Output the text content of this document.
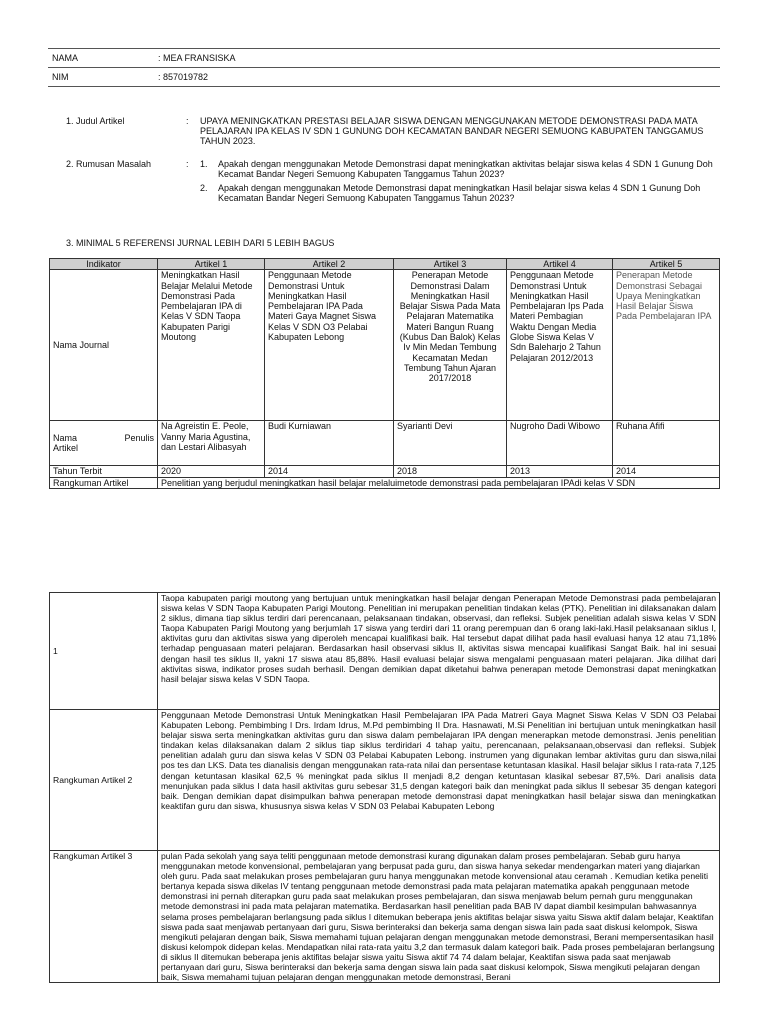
NAMA	: MEA FRANSISKA
NIM	: 857019782
1. Judul Artikel	: UPAYA MENINGKATKAN PRESTASI BELAJAR SISWA DENGAN MENGGUNAKAN METODE DEMONSTRASI PADA MATA PELAJARAN IPA KELAS IV SDN 1 GUNUNG DOH KECAMATAN BANDAR NEGERI SEMUONG KABUPATEN TANGGAMUS TAHUN 2023.
2. Rumusan Masalah	: 1. Apakah dengan menggunakan Metode Demonstrasi dapat meningkatkan aktivitas belajar siswa kelas 4 SDN 1 Gunung Doh Kecamat Bandar Negeri Semuong Kabupaten Tanggamus Tahun 2023?
2. Apakah dengan menggunakan Metode Demonstrasi dapat meningkatkan Hasil belajar siswa kelas 4 SDN 1 Gunung Doh Kecamatan Bandar Negeri Semuong Kabupaten Tanggamus Tahun 2023?
3. MINIMAL 5 REFERENSI JURNAL LEBIH DARI 5 LEBIH BAGUS
Indikator	Artikel 1	Artikel 2	Artikel 3	Artikel 4	Artikel 5
Nama Journal	Meningkatkan Hasil Belajar Melalui Metode Demonstrasi Pada Pembelajaran IPA di Kelas V SDN Taopa Kabupaten Parigi Moutong	Penggunaan Metode Demonstrasi Untuk Meningkatkan Hasil Pembelajaran IPA Pada Materi Gaya Magnet Siswa Kelas V SDN O3 Pelabai Kabupaten Lebong	Penerapan Metode Demonstrasi Dalam Meningkatkan Hasil Belajar Siswa Pada Mata Pelajaran Matematika Materi Bangun Ruang (Kubus Dan Balok) Kelas Iv Min Medan Tembung Kecamatan Medan Tembung Tahun Ajaran 2017/2018	Penggunaan Metode Demonstrasi Untuk Meningkatkan Hasil Pembelajaran Ips Pada Materi Pembagian Waktu Dengan Media Globe Siswa Kelas V Sdn Baleharjo 2 Tahun Pelajaran 2012/2013	Penerapan Metode Demonstrasi Sebagai Upaya Meningkatkan Hasil Belajar Siswa Pada Pembelajaran IPA

Nama Penulis
Artikel	Na Agreistin E. Peole, Vanny Maria Agustina, dan Lestari Alibasyah	Budi Kurniawan	Syarianti Devi	Nugroho Dadi Wibowo	Ruhana Afifi
Tahun Terbit	2020	2014	2018	2013	2014
Rangkuman Artikel	Penelitian yang berjudul meningkatkan hasil belajar melaluimetode demonstrasi pada pembelajaran IPAdi kelas V SDN				
1	Taopa kabupaten parigi moutong yang bertujuan untuk meningkatkan hasil belajar dengan Penerapan Metode Demonstrasi pada pembelajaran siswa kelas V SDN Taopa Kabupaten Parigi Moutong. Penelitian ini merupakan penelitian tindakan kelas (PTK). Penelitian ini dilaksanakan dalam 2 siklus, dimana tiap siklus terdiri dari perencanaan, pelaksanaan tindakan, observasi, dan refleksi. Subjek penelitian adalah siswa kelas V SDN Taopa Kabupaten Parigi Moutong yang berjumlah 17 siswa yang terdiri dari 11 orang perempuan dan 6 orang laki-laki.Hasil pelaksanaan siklus I, aktivitas guru dan aktivitas siswa yang diperoleh mencapai kualifikasi baik. Hal tersebut dapat dilihat pada hasil evaluasi hanya 12 atau 71,18% terhadap penguasaan materi pelajaran. Berdasarkan hasil observasi siklus II, aktivitas siswa mencapai kualifikasi Sangat Baik. hal ini sesuai dengan hasil tes siklus II, yakni 17 siswa atau 85,88%. Hasil evaluasi belajar siswa mengalami penguasaan materi pelajaran. Jika dilihat dari aktivitas siswa, indikator proses sudah berhasil. Dengan demikian dapat diketahui bahwa penerapan metode Demonstrasi dapat meningkatkan hasil belajar siswa kelas V SDN Taopa.
Rangkuman Artikel 2	Penggunaan Metode Demonstrasi Untuk Meningkatkan Hasil Pembelajaran IPA Pada Matreri Gaya Magnet Siswa Kelas V SDN O3 Pelabai Kabupaten Lebong. Pembimbing I Drs. Irdam Idrus, M.Pd pembimbing II Dra. Hasnawati, M.Si Penelitian ini bertujuan untuk meningkatkan hasil belajar siswa serta meningkatkan aktivitas guru dan siswa dalam pembelajaran IPA dengan menerapkan metode demonstrasi. Jenis penelitian tindakan kelas dilaksanakan dalam 2 siklus tiap siklus terdiridari 4 tahap yaitu, perencanaan, pelaksanaan,observasi dan refleksi. Subjek penelitian adalah guru dan siswa kelas V SDN 03 Pelabai Kabupaten Lebong. instrumen yang digunakan lembar aktivitas guru dan siswa,nilai pos tes dan LKS. Data tes dianalisis dengan menggunakan rata-rata nilai dan persentase ketuntasan klasikal. Hasil belajar siklus I rata-rata 7,125 dengan ketuntasan klasikal 62,5 % meningkat pada siklus II menjadi 8,2 dengan ketuntasan klasikal sebesar 87,5%. Dari analisis data menunjukan pada siklus I data hasil aktivitas guru sebesar 31,5 dengan kategori baik dan meningkat pada siklus II sebesar 35 dengan kategori baik. Dengan demikian dapat disimpulkan bahwa penerapan metode demonstrasi dapat meningkatkan hasil belajar siswa dan meningkatkan keaktifan guru dan siswa, khususnya siswa kelas V SDN 03 Pelabai Kabupaten Lebong
Rangkuman Artikel 3	pulan Pada sekolah yang saya teliti penggunaan metode demonstrasi kurang digunakan dalam proses pembelajaran. Sebab guru hanya menggunakan metode konvensional, pembelajaran yang berpusat pada guru, dan siswa hanya sekedar mendengarkan materi yang diajarkan oleh guru. Pada saat melakukan proses pembelajaran guru hanya menggunakan metode konvensional atau ceramah . Kemudian ketika peneliti bertanya kepada siswa dikelas IV tentang penggunaan metode demonstrasi pada mata pelajaran matematika apakah penggunaan metode demonstrasi ini pernah diterapkan guru pada saat melakukan proses pembelajaran, dan siswa menjawab belum pernah guru menggunakan metode demonstrasi ini pada mata pelajaran matematika. Berdasarkan hasil penelitian pada BAB IV dapat diambil kesimpulan bahwasannya selama proses pembelajaran berlangsung pada siklus I ditemukan beberapa jenis aktifitas belajar siswa yaitu Siswa aktif dalam belajar, Keaktifan siswa pada saat menjawab pertanyaan dari guru, Siswa berinteraksi dan bekerja sama dengan siswa lain pada saat diskusi kelompok, Siswa mengikuti pelajaran dengan baik, Siswa memahami tujuan pelajaran dengan menggunakan metode demonstrasi, Berani mempersentasikan hasil diskusi kelompok didepan kelas. Mendapatkan nilai rata-rata yaitu 3,2 dan termasuk dalam kategori baik. Pada proses pembelajaran berlangsung di siklus II ditemukan beberapa jenis aktifitas belajar siswa yaitu Siswa aktif 74 74 dalam belajar, Keaktifan siswa pada saat menjawab pertanyaan dari guru, Siswa berinteraksi dan bekerja sama dengan siswa lain pada saat diskusi kelompok, Siswa mengikuti pelajaran dengan baik, Siswa memahami tujuan pelajaran dengan menggunakan metode demonstrasi, Berani
